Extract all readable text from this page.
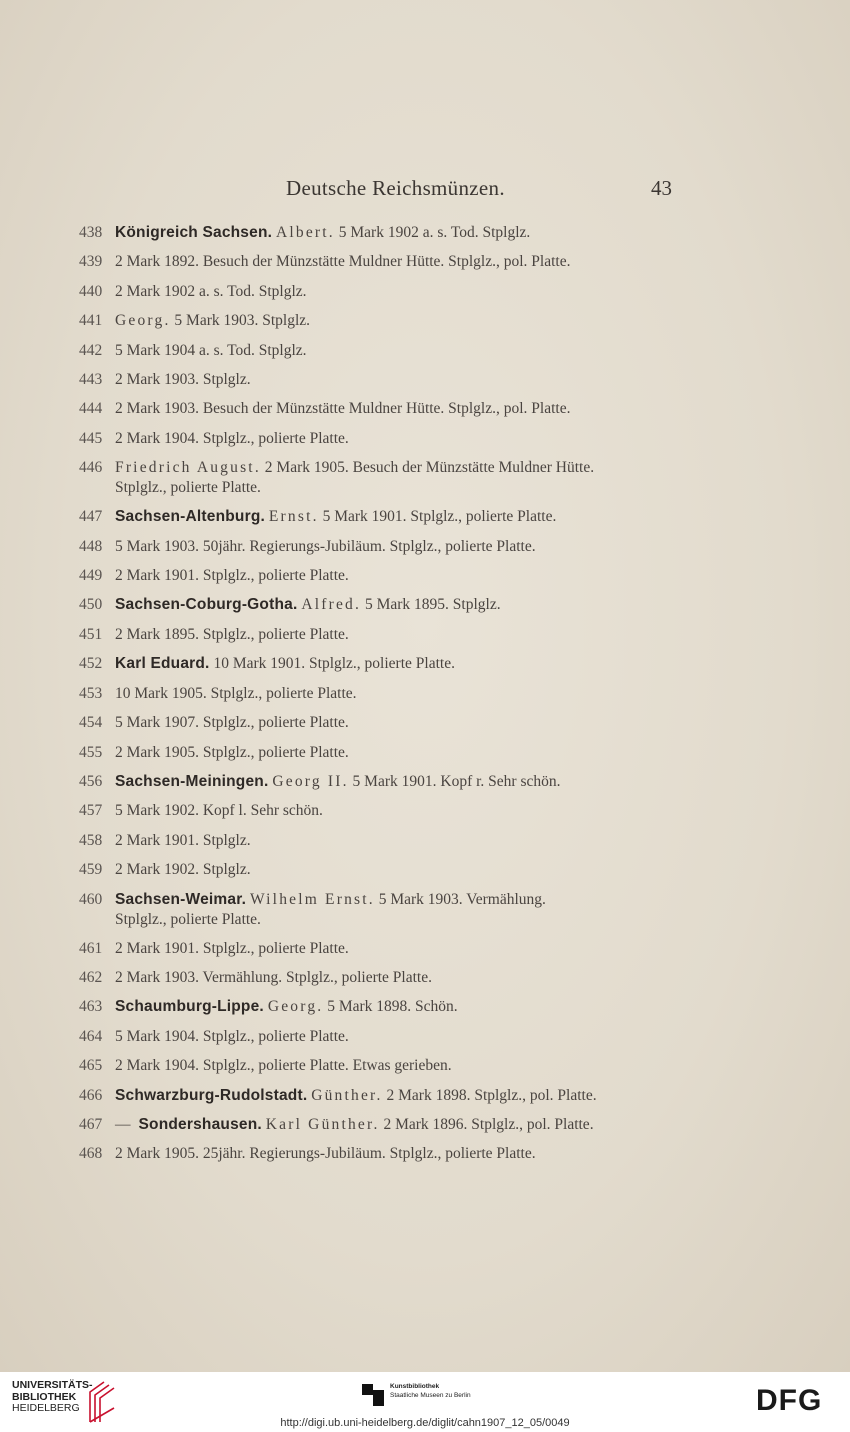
Deutsche Reichsmünzen.	43
438 Königreich Sachsen. Albert. 5 Mark 1902 a. s. Tod. Stplglz.
439 2 Mark 1892. Besuch der Münzstätte Muldner Hütte. Stplglz., pol. Platte.
440 2 Mark 1902 a. s. Tod. Stplglz.
441 Georg. 5 Mark 1903. Stplglz.
442 5 Mark 1904 a. s. Tod. Stplglz.
443 2 Mark 1903. Stplglz.
444 2 Mark 1903. Besuch der Münzstätte Muldner Hütte. Stplglz., pol. Platte.
445 2 Mark 1904. Stplglz., polierte Platte.
446 Friedrich August. 2 Mark 1905. Besuch der Münzstätte Muldner Hütte.
Stplglz., polierte Platte.
447 Sachsen-Altenburg. Ernst. 5 Mark 1901. Stplglz., polierte Platte.
448 5 Mark 1903. 50jähr. Regierungs-Jubiläum. Stplglz., polierte Platte.
449 2 Mark 1901. Stplglz., polierte Platte.
450 Sachsen-Coburg-Gotha. Alfred. 5 Mark 1895. Stplglz.
451 2 Mark 1895. Stplglz., polierte Platte.
452 Karl Eduard. 10 Mark 1901. Stplglz., polierte Platte.
453 10 Mark 1905. Stplglz., polierte Platte.
454 5 Mark 1907. Stplglz., polierte Platte.
455 2 Mark 1905. Stplglz., polierte Platte.
456 Sachsen-Meiningen. Georg II. 5 Mark 1901. Kopf r. Sehr schön.
457 5 Mark 1902. Kopf l. Sehr schön.
458 2 Mark 1901. Stplglz.
459 2 Mark 1902. Stplglz.
460 Sachsen-Weimar. Wilhelm Ernst. 5 Mark 1903. Vermählung.
Stplglz., polierte Platte.
461 2 Mark 1901. Stplglz., polierte Platte.
462 2 Mark 1903. Vermählung. Stplglz., polierte Platte.
463 Schaumburg-Lippe. Georg. 5 Mark 1898. Schön.
464 5 Mark 1904. Stplglz., polierte Platte.
465 2 Mark 1904. Stplglz., polierte Platte. Etwas gerieben.
466 Schwarzburg-Rudolstadt. Günther. 2 Mark 1898. Stplglz., pol. Platte.
467 — Sondershausen. Karl Günther. 2 Mark 1896. Stplglz., pol. Platte.
468 2 Mark 1905. 25jähr. Regierungs-Jubiläum. Stplglz., polierte Platte.
UNIVERSITÄTS-
BIBLIOTHEK
HEIDELBERG
Kunstbibliothek
Staatliche Museen zu Berlin
http://digi.ub.uni-heidelberg.de/diglit/cahn1907_12_05/0049
DFG
